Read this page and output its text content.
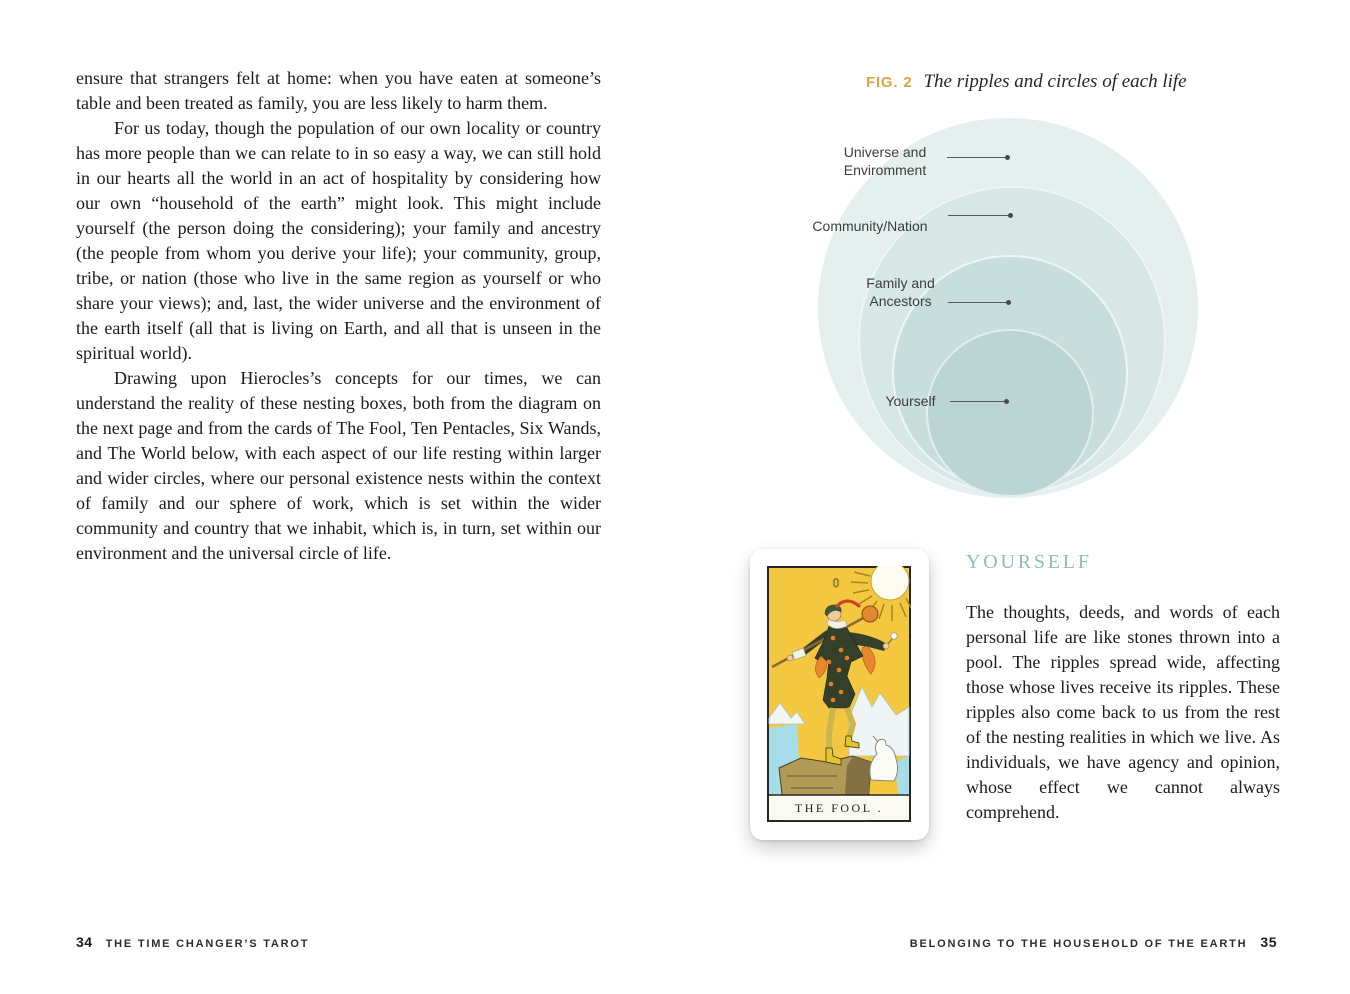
ensure that strangers felt at home: when you have eaten at someone’s table and been treated as family, you are less likely to harm them.

For us today, though the population of our own locality or country has more people than we can relate to in so easy a way, we can still hold in our hearts all the world in an act of hospitality by considering how our own “household of the earth” might look. This might include yourself (the person doing the considering); your family and ancestry (the people from whom you derive your life); your community, group, tribe, or nation (those who live in the same region as yourself or who share your views); and, last, the wider universe and the environment of the earth itself (all that is living on Earth, and all that is unseen in the spiritual world).

Drawing upon Hierocles’s concepts for our times, we can understand the reality of these nesting boxes, both from the diagram on the next page and from the cards of The Fool, Ten Pentacles, Six Wands, and The World below, with each aspect of our life resting within larger and wider circles, where our personal existence nests within the context of family and our sphere of work, which is set within the wider community and country that we inhabit, which is, in turn, set within our environment and the universal circle of life.

34 THE TIME CHANGER’S TAROT
FIG. 2 The ripples and circles of each life
Universe and
Enviromment
Community/Nation
Family and
Ancestors
Yourself
0
THE FOOL .
YOURSELF
The thoughts, deeds, and words of each personal life are like stones thrown into a pool. The ripples spread wide, affecting those whose lives receive its ripples. These ripples also come back to us from the rest of the nesting realities in which we live. As individuals, we have agency and opinion, whose effect we cannot always comprehend.
BELONGING TO THE HOUSEHOLD OF THE EARTH 35
